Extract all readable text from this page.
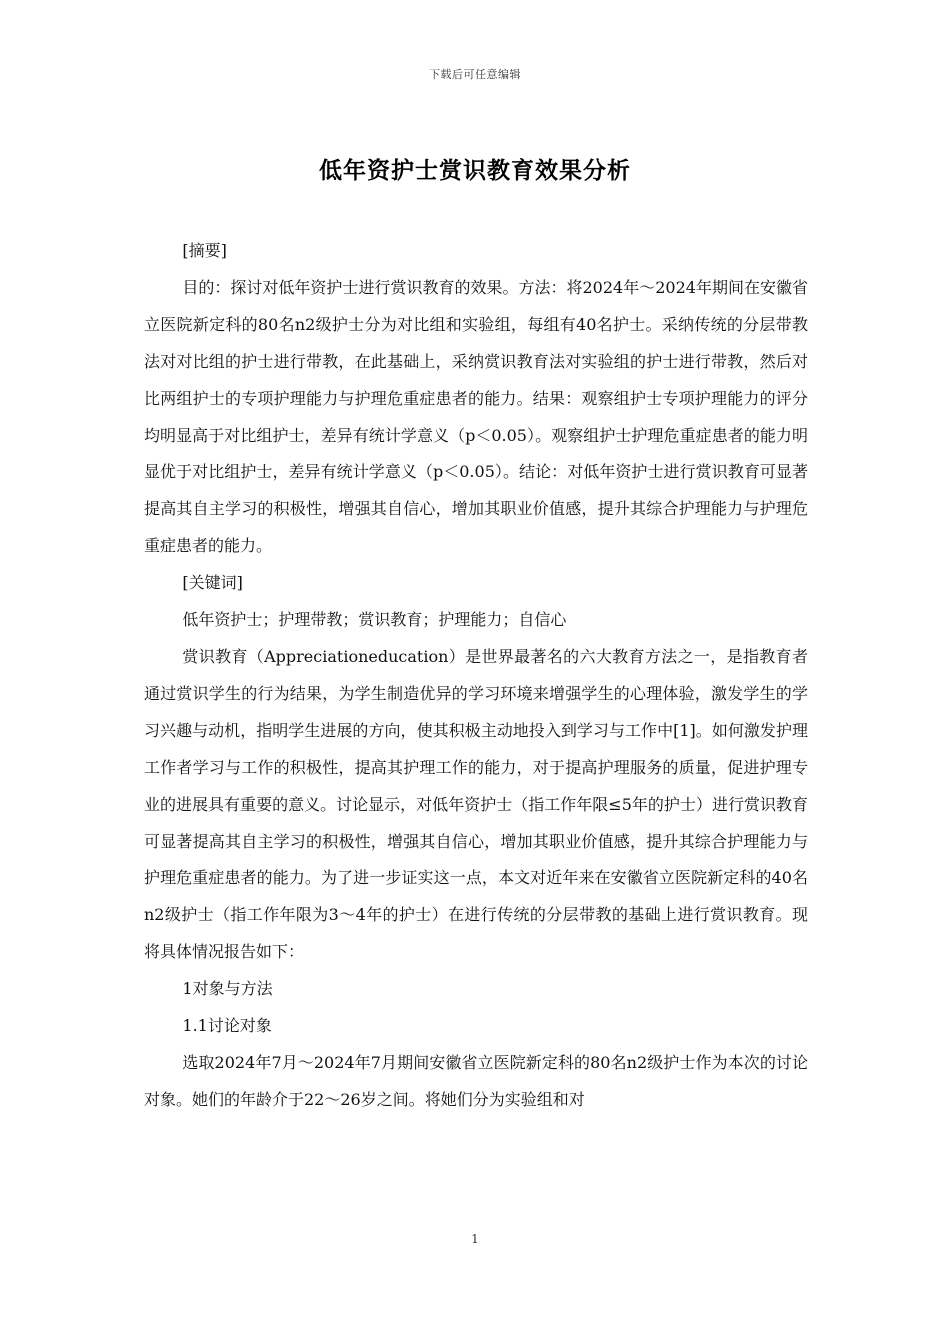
下载后可任意编辑
低年资护士赏识教育效果分析

[摘要]

目的：探讨对低年资护士进行赏识教育的效果。方法：将2024年～2024年期间在安徽省立医院新定科的80名n2级护士分为对比组和实验组，每组有40名护士。采纳传统的分层带教法对对比组的护士进行带教，在此基础上，采纳赏识教育法对实验组的护士进行带教，然后对比两组护士的专项护理能力与护理危重症患者的能力。结果：观察组护士专项护理能力的评分均明显高于对比组护士，差异有统计学意义（p＜0.05）。观察组护士护理危重症患者的能力明显优于对比组护士，差异有统计学意义（p＜0.05）。结论：对低年资护士进行赏识教育可显著提高其自主学习的积极性，增强其自信心，增加其职业价值感，提升其综合护理能力与护理危重症患者的能力。

[关键词]

低年资护士；护理带教；赏识教育；护理能力；自信心

赏识教育（Appreciationeducation）是世界最著名的六大教育方法之一，是指教育者通过赏识学生的行为结果，为学生制造优异的学习环境来增强学生的心理体验，激发学生的学习兴趣与动机，指明学生进展的方向，使其积极主动地投入到学习与工作中[1]。如何激发护理工作者学习与工作的积极性，提高其护理工作的能力，对于提高护理服务的质量，促进护理专业的进展具有重要的意义。讨论显示，对低年资护士（指工作年限≤5年的护士）进行赏识教育可显著提高其自主学习的积极性，增强其自信心，增加其职业价值感，提升其综合护理能力与护理危重症患者的能力。为了进一步证实这一点，本文对近年来在安徽省立医院新定科的40名n2级护士（指工作年限为3～4年的护士）在进行传统的分层带教的基础上进行赏识教育。现将具体情况报告如下：

1对象与方法

1.1讨论对象

选取2024年7月～2024年7月期间安徽省立医院新定科的80名n2级护士作为本次的讨论对象。她们的年龄介于22～26岁之间。将她们分为实验组和对

1
